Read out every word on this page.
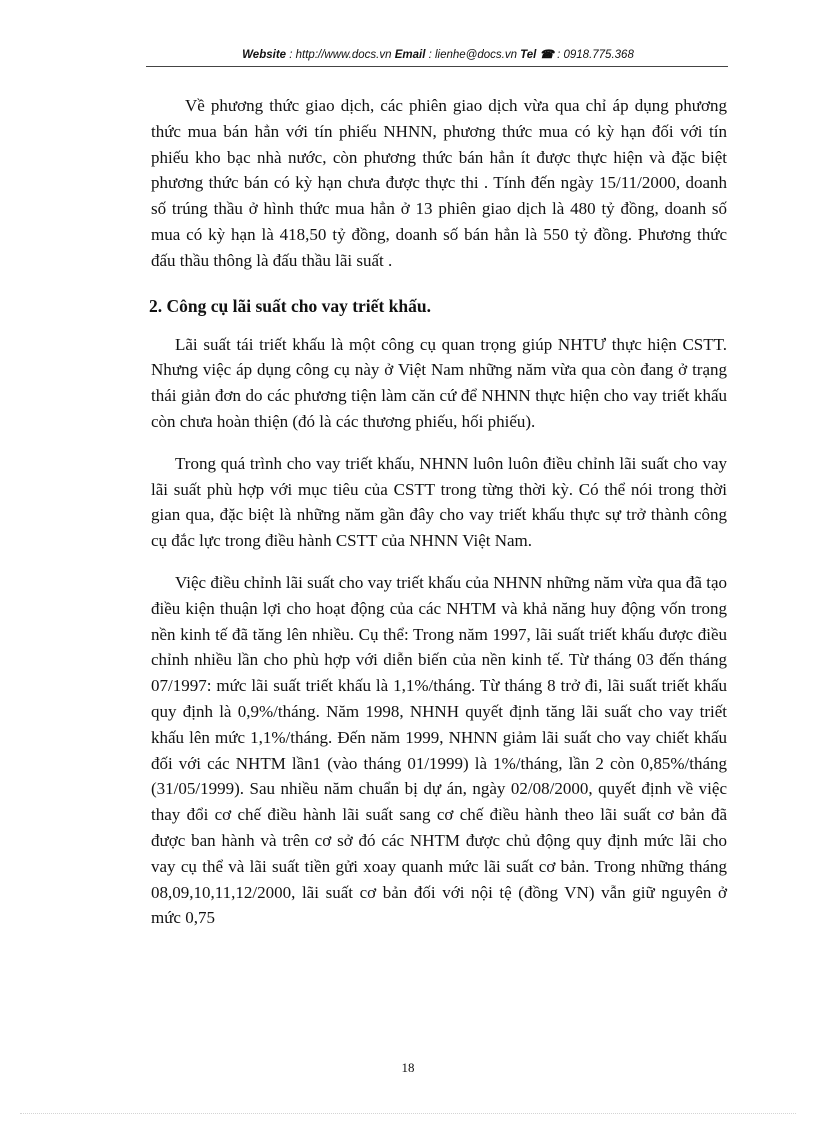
Website : http://www.docs.vn Email : lienhe@docs.vn Tel ☎ : 0918.775.368

Về phương thức giao dịch, các phiên giao dịch vừa qua chỉ áp dụng phương thức mua bán hẳn với tín phiếu NHNN, phương thức mua có kỳ hạn đối với tín phiếu kho bạc nhà nước, còn phương thức bán hẳn ít được thực hiện và đặc biệt phương thức bán có kỳ hạn chưa được thực thi . Tính đến ngày 15/11/2000, doanh số trúng thầu ở hình thức mua hẳn ở 13 phiên giao dịch là 480 tỷ đồng, doanh số mua có kỳ hạn là 418,50 tỷ đồng, doanh số bán hẳn là 550 tỷ đồng. Phương thức đấu thầu thông là đấu thầu lãi suất .

2. Công cụ lãi suất cho vay triết khấu.

Lãi suất tái triết khấu là một công cụ quan trọng giúp NHTƯ thực hiện CSTT. Nhưng việc áp dụng công cụ này ở Việt Nam những năm vừa qua còn đang ở trạng thái giản đơn do các phương tiện làm căn cứ để NHNN thực hiện cho vay triết khấu còn chưa hoàn thiện (đó là các thương phiếu, hối phiếu).

Trong quá trình cho vay triết khấu, NHNN luôn luôn điều chỉnh lãi suất cho vay lãi suất phù hợp với mục tiêu của CSTT trong từng thời kỳ. Có thể nói trong thời gian qua, đặc biệt là những năm gần đây cho vay triết khấu thực sự trở thành công cụ đắc lực trong điều hành CSTT của NHNN Việt Nam.

Việc điều chỉnh lãi suất cho vay triết khấu của NHNN những năm vừa qua đã tạo điều kiện thuận lợi cho hoạt động của các NHTM và khả năng huy động vốn trong nền kinh tế đã tăng lên nhiều. Cụ thể: Trong năm 1997, lãi suất triết khấu được điều chỉnh nhiều lần cho phù hợp với diễn biến của nền kinh tế. Từ tháng 03 đến tháng 07/1997: mức lãi suất triết khấu là 1,1%/tháng. Từ tháng 8 trở đi, lãi suất triết khấu quy định là 0,9%/tháng. Năm 1998, NHNH quyết định tăng lãi suất cho vay triết khấu lên mức 1,1%/tháng. Đến năm 1999, NHNN giảm lãi suất cho vay chiết khấu đối với các NHTM lần1 (vào tháng 01/1999) là 1%/tháng, lần 2 còn 0,85%/tháng (31/05/1999). Sau nhiều năm chuẩn bị dự án, ngày 02/08/2000, quyết định về việc thay đổi cơ chế điều hành lãi suất sang cơ chế điều hành theo lãi suất cơ bản đã được ban hành và trên cơ sở đó các NHTM được chủ động quy định mức lãi cho vay cụ thể và lãi suất tiền gửi xoay quanh mức lãi suất cơ bản. Trong những tháng 08,09,10,11,12/2000, lãi suất cơ bản đối với nội tệ (đồng VN) vẫn giữ nguyên ở mức 0,75

18
